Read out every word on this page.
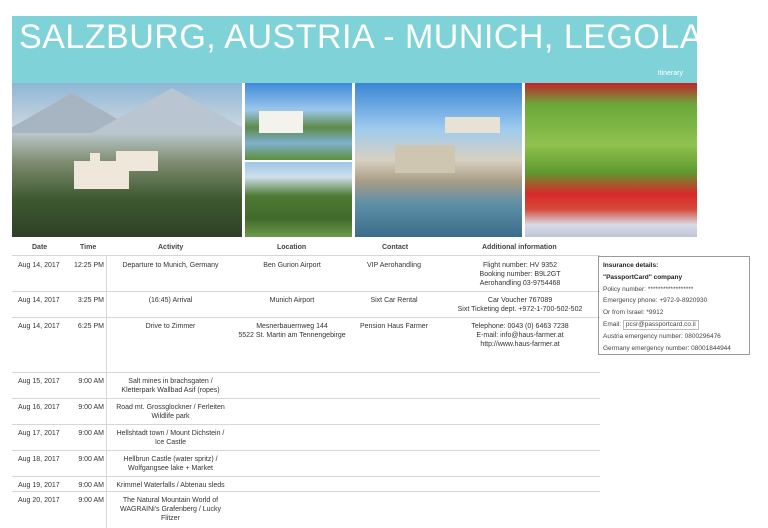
SALZBURG, AUSTRIA - MUNICH, LEGOLAND
Itinerary
Date	Time	Activity	Location	Contact	Additional information
Aug 14, 2017 12:25 PM	Departure to Munich, Germany	Ben Gurion Airport	VIP Aerohandling	Flight number: HV 9352
Booking number: B9L2GT
Aerohandling 03-9754468
Aug 14, 2017	3:25 PM	(16:45) Arrival	Munich Airport	Sixt Car Rental	Car Voucher 767089
Sixt Ticketing dept. +972-1-700-502-502
Aug 14, 2017	6:25 PM	Drive to Zimmer	Mesnerbauernweg 144
5522 St. Martin am Tennengebirge
Pension Haus Farmer	Telephone: 0043 (0) 6463 7238
E-mail: info@haus-farmer.at
http://www.haus-farmer.at
Aug 15, 2017	9:00 AM	Salt mines in brachsgaten /
Kletterpark Wallbad Asif (ropes)
Aug 16, 2017	9:00 AM	Road mt. Grossglockner / Ferleiten
Wildlife park
Aug 17, 2017	9:00 AM	Hellshtadt town / Mount Dichstein /
Ice Castle
Aug 18, 2017	9:00 AM	Hellbrun Castle (water spritz) /
Wolfgangsee lake + Market
Aug 19, 2017	9:00 AM	Krimmel Waterfalls / Abtenau sleds
Aug 20, 2017	9:00 AM	The Natural Mountain World of
WAGRAINi's Grafenberg / Lucky
Flitzer
Insurance details:
"PassportCard" company
Policy number: ******************
Emergency phone: +972-9-8920930
Or from Israel: *9912
Email: pcsr@passportcard.co.il
Austria emergency number: 0800296476
Germany emergency number: 08001844944
